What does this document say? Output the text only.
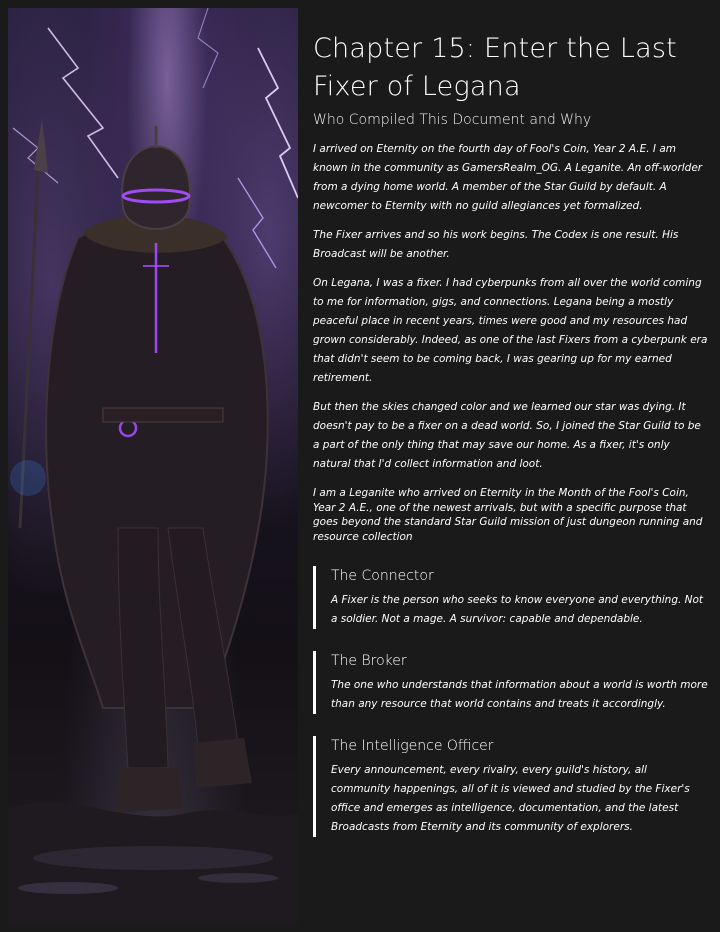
Chapter 15: Enter the Last Fixer of Legana
Who Compiled This Document and Why

I arrived on Eternity on the fourth day of Fool's Coin, Year 2 A.E. I am known in the community as GamersRealm_OG. A Leganite. An off-worlder from a dying home world. A member of the Star Guild by default. A newcomer to Eternity with no guild allegiances yet formalized.

The Fixer arrives and so his work begins. The Codex is one result. His Broadcast will be another.

On Legana, I was a fixer. I had cyberpunks from all over the world coming to me for information, gigs, and connections. Legana being a mostly peaceful place in recent years, times were good and my resources had grown considerably. Indeed, as one of the last Fixers from a cyberpunk era that didn't seem to be coming back, I was gearing up for my earned retirement.

But then the skies changed color and we learned our star was dying. It doesn't pay to be a fixer on a dead world. So, I joined the Star Guild to be a part of the only thing that may save our home. As a fixer, it's only natural that I'd collect information and loot.

I am a Leganite who arrived on Eternity in the Month of the Fool's Coin, Year 2 A.E., one of the newest arrivals, but with a specific purpose that goes beyond the standard Star Guild mission of just dungeon running and resource collection

The Connector

A Fixer is the person who seeks to know everyone and everything. Not a soldier. Not a mage. A survivor: capable and dependable.

The Broker

The one who understands that information about a world is worth more than any resource that world contains and treats it accordingly.

The Intelligence Officer

Every announcement, every rivalry, every guild's history, all community happenings, all of it is viewed and studied by the Fixer's office and emerges as intelligence, documentation, and the latest Broadcasts from Eternity and its community of explorers.
